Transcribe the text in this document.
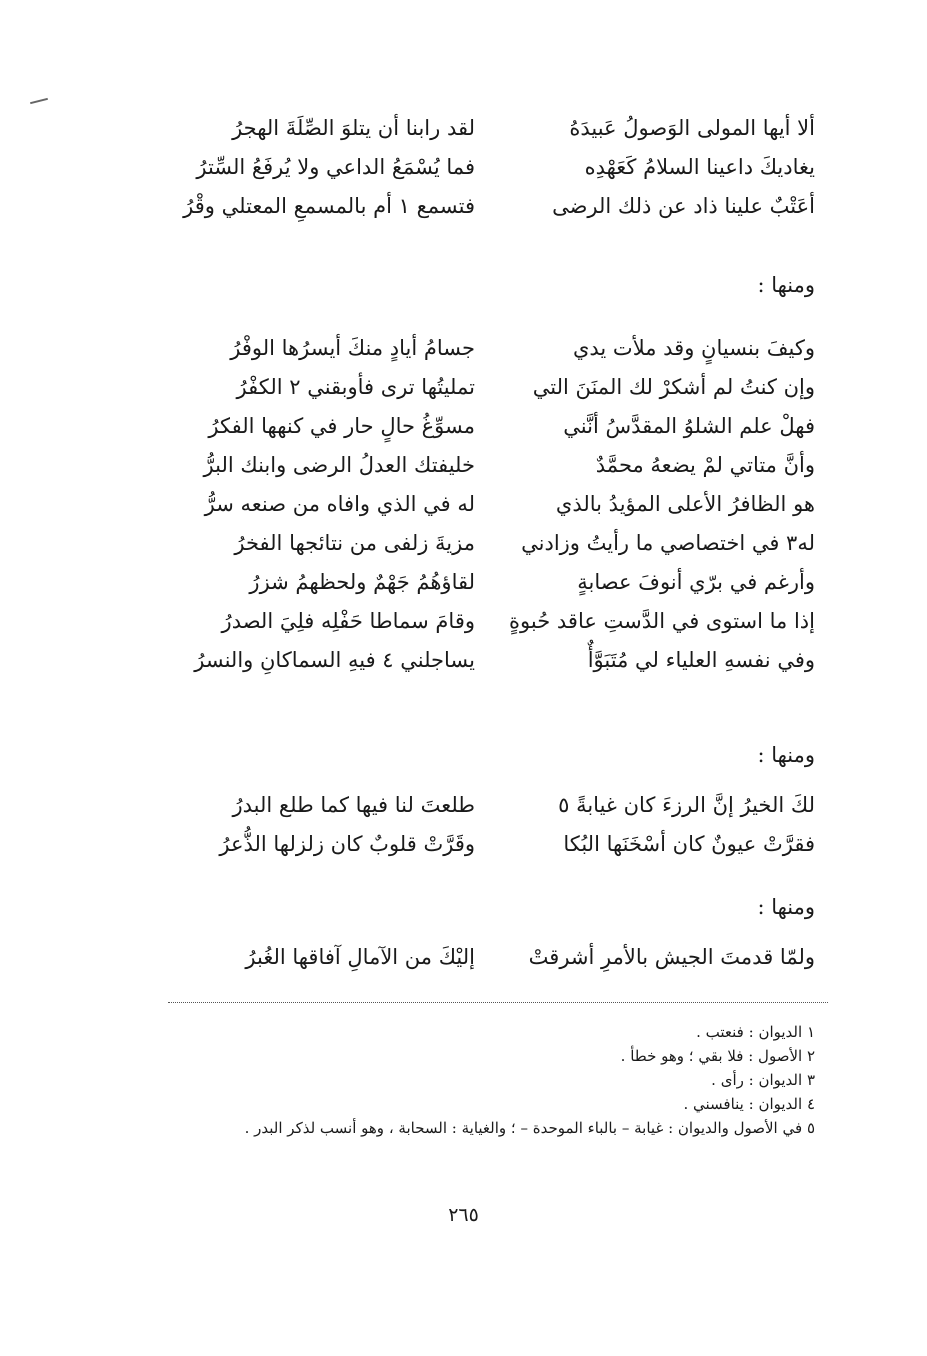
ألا أيها المولى الوَصولُ عَبيدَهُ
لقد رابنا أن يتلوَ الصِّلَةَ الهجرُ
يغاديكَ داعينا السلامُ كَعَهْدِه
فما يُسْمَعُ الداعي ولا يُرفَعُ السِّترُ
أعَتْبٌ علينا ذاد عن ذلك الرضى
فتسمع ١ أم بالمسمعِ المعتلي وقْرُ
ومنها :
وكيفَ بنسيانٍ وقد ملأت يدي
جسامُ أيادٍ منكَ أيسرُها الوفْرُ
وإن كنتُ لم أشكرْ لك المنَنَ التي
تمليتُها ترى فأوبقني ٢ الكفْرُ
فهلْ علم الشلوُ المقدَّسُ أنَّني
مسوِّغُ حالٍ حار في كنهها الفكرُ
وأنَّ متاتي لمْ يضعهُ محمَّدٌ
خليفتك العدلُ الرضى وابنك البرُّ
هو الظافرُ الأعلى المؤيدُ بالذي
له في الذي وافاه من صنعه سرُّ
له٣ في اختصاصي ما رأيتُ وزادني
مزيةَ زلفى من نتائجها الفخرُ
وأرغم في برّي أنوفَ عصابةٍ
لقاؤهُمُ جَهْمٌ ولحظهمُ شزرُ
إذا ما استوى في الدَّستِ عاقد حُبوةٍ
وقامَ سماطا حَفْلِه فلِيَ الصدرُ
وفي نفسهِ العلياء لي مُتَبَوَّأٌ
يساجلني ٤ فيهِ السماكانِ والنسرُ
ومنها :
لكَ الخيرُ إنَّ الرزءَ كان غيابةً ٥
طلعتَ لنا فيها كما طلع البدرُ
فقرَّتْ عيونٌ كان أسْخَنَها البُكا
وقَرَّتْ قلوبٌ كان زلزلها الذُّعرُ
ومنها :
ولمّا قدمتَ الجيش بالأمرِ أشرقتْ
إليْكَ من الآمالِ آفاقها الغُبرُ
١ الديوان : فنعتب .
٢ الأصول : فلا بقي ؛ وهو خطأ .
٣ الديوان : رأى .
٤ الديوان : ينافسني .
٥ في الأصول والديوان : غيابة – بالباء الموحدة – ؛ والغياية : السحابة ، وهو أنسب لذكر البدر .
٢٦٥
